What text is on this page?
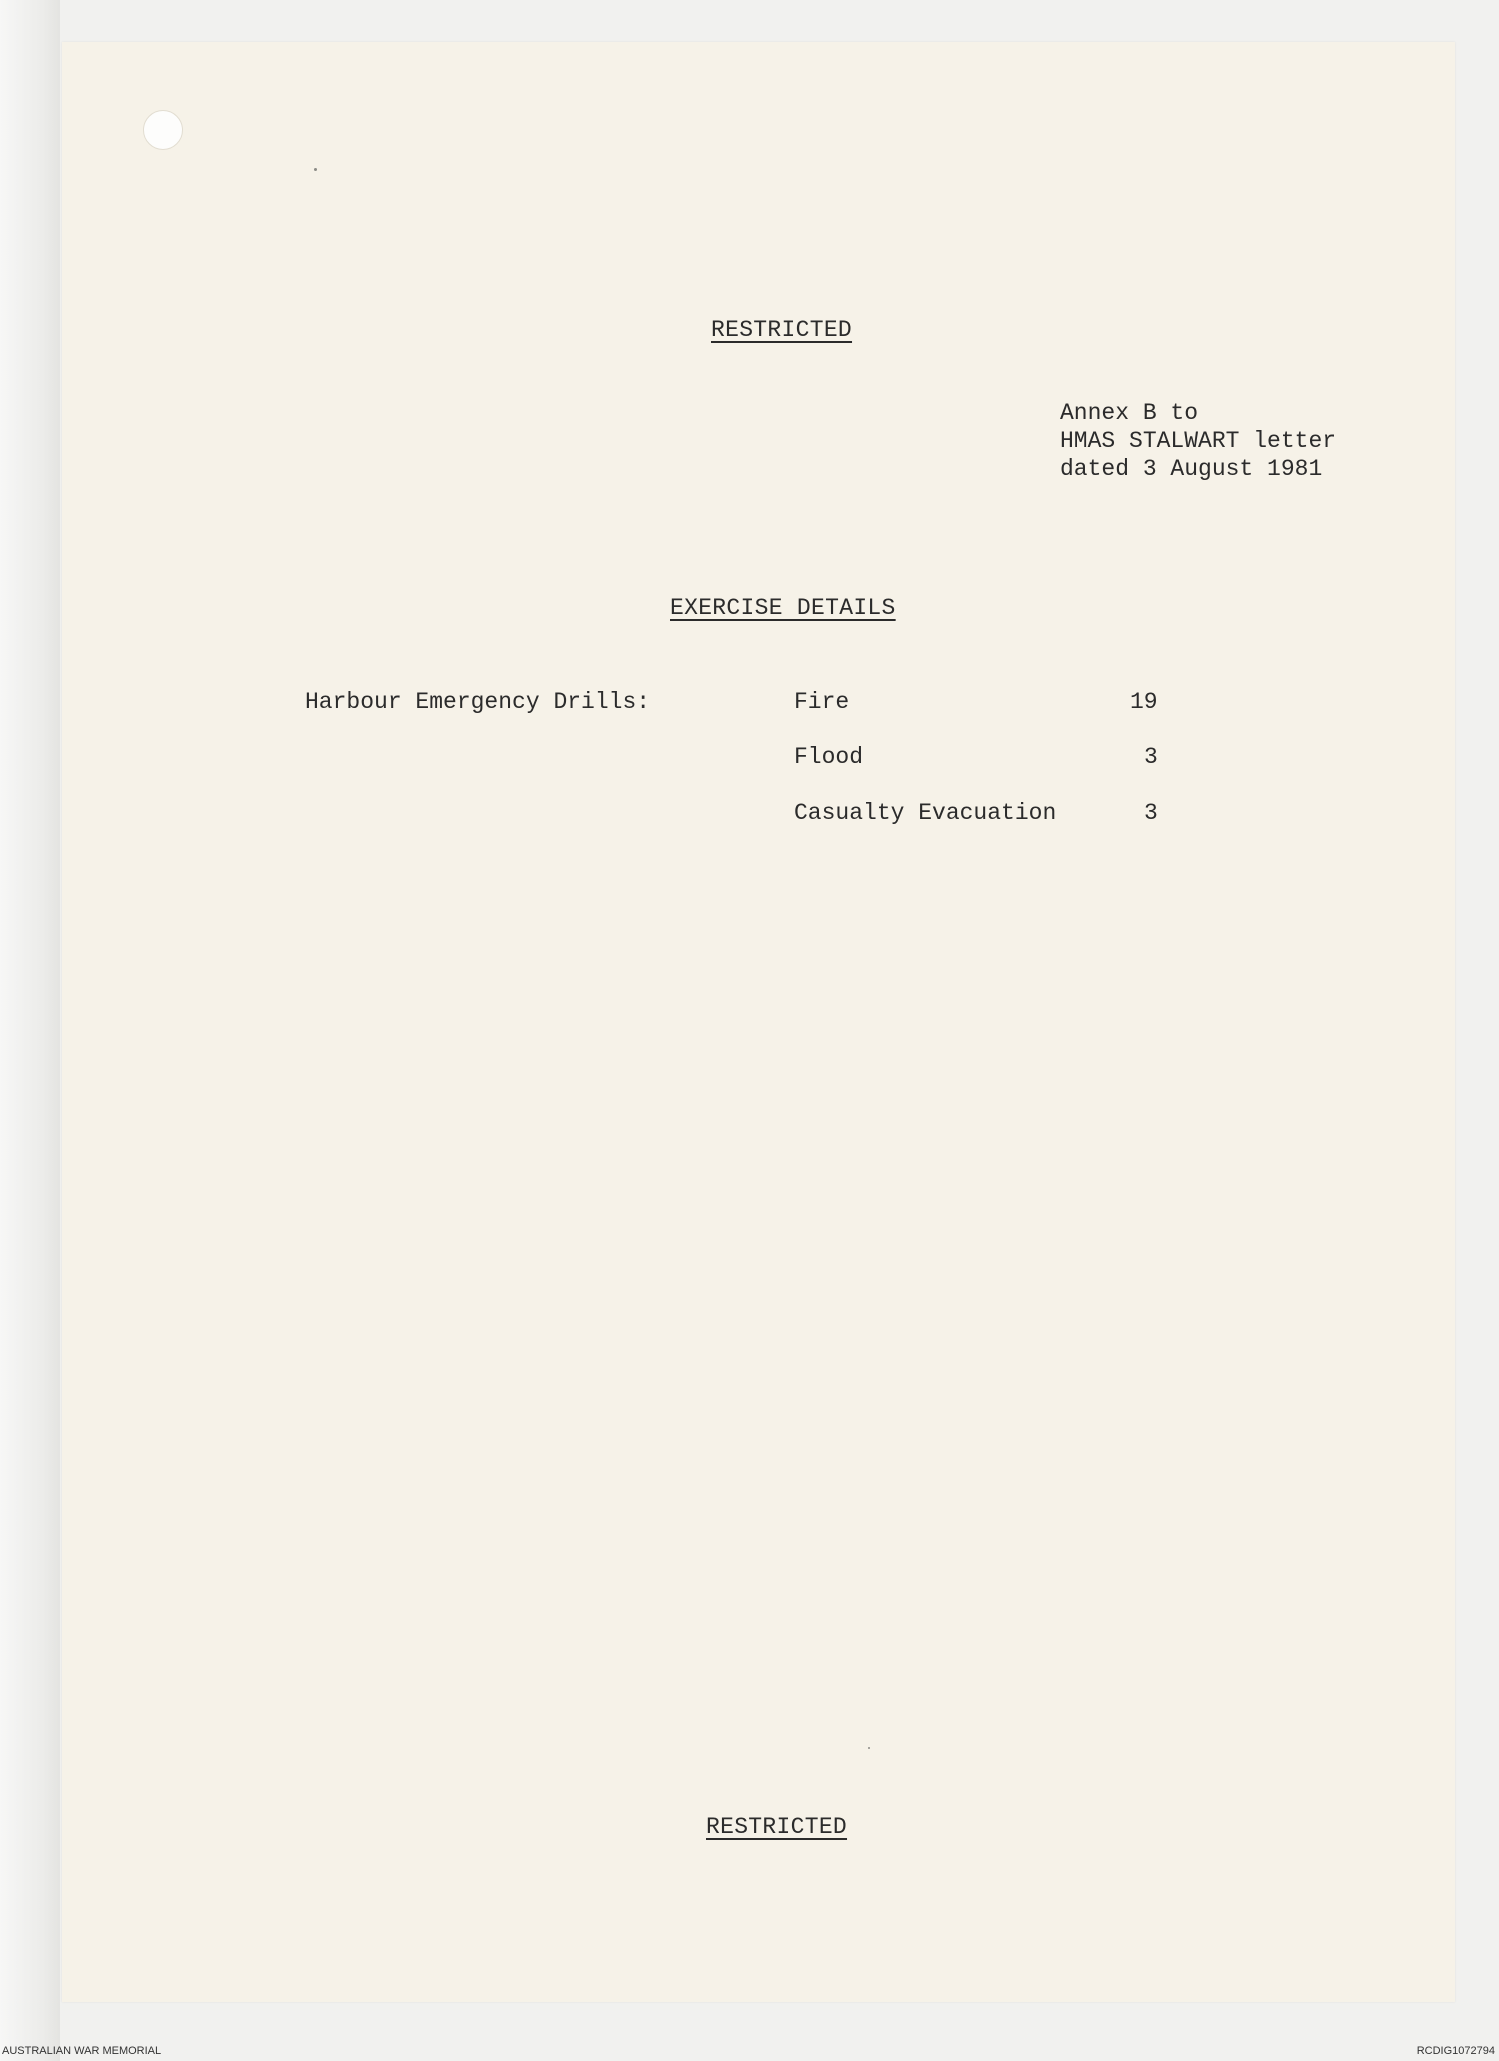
RESTRICTED
Annex B to
HMAS STALWART letter
dated 3 August 1981
EXERCISE DETAILS
Harbour Emergency Drills:	Fire	19
Flood	3
Casualty Evacuation	3
RESTRICTED
AUSTRALIAN WAR MEMORIAL	RCDIG1072794
